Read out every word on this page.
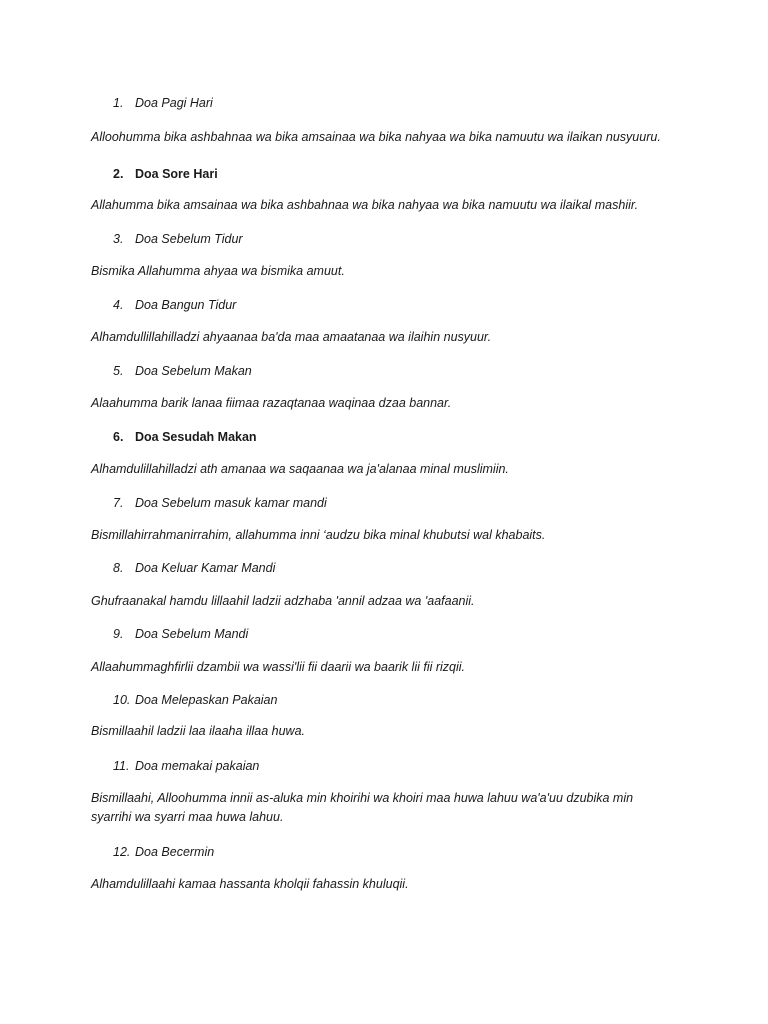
1. Doa Pagi Hari
Alloohumma bika ashbahnaa wa bika amsainaa wa bika nahyaa wa bika namuutu wa ilaikan nusyuuru.
2. Doa Sore Hari
Allahumma bika amsainaa wa bika ashbahnaa wa bika nahyaa wa bika namuutu wa ilaikal mashiir.
3. Doa Sebelum Tidur
Bismika Allahumma ahyaa wa bismika amuut.
4. Doa Bangun Tidur
Alhamdullillahilladzi ahyaanaa ba'da maa amaatanaa wa ilaihin nusyuur.
5. Doa Sebelum Makan
Alaahumma barik lanaa fiimaa razaqtanaa waqinaa dzaa bannar.
6. Doa Sesudah Makan
Alhamdulillahilladzi ath amanaa wa saqaanaa wa ja'alanaa minal muslimiin.
7. Doa Sebelum masuk kamar mandi
Bismillahirrahmanirrahim, allahumma inni ‘audzu bika minal khubutsi wal khabaits.
8. Doa Keluar Kamar Mandi
Ghufraanakal hamdu lillaahil ladzii adzhaba 'annil adzaa wa 'aafaanii.
9. Doa Sebelum Mandi
Allaahummaghfirlii dzambii wa wassi'lii fii daarii wa baarik lii fii rizqii.
10. Doa Melepaskan Pakaian
Bismillaahil ladzii laa ilaaha illaa huwa.
11. Doa memakai pakaian
Bismillaahi, Alloohumma innii as-aluka min khoirihi wa khoiri maa huwa lahuu wa'a'uu dzubika min syarrihi wa syarri maa huwa lahuu.
12. Doa Becermin
Alhamdulillaahi kamaa hassanta kholqii fahassin khuluqii.
